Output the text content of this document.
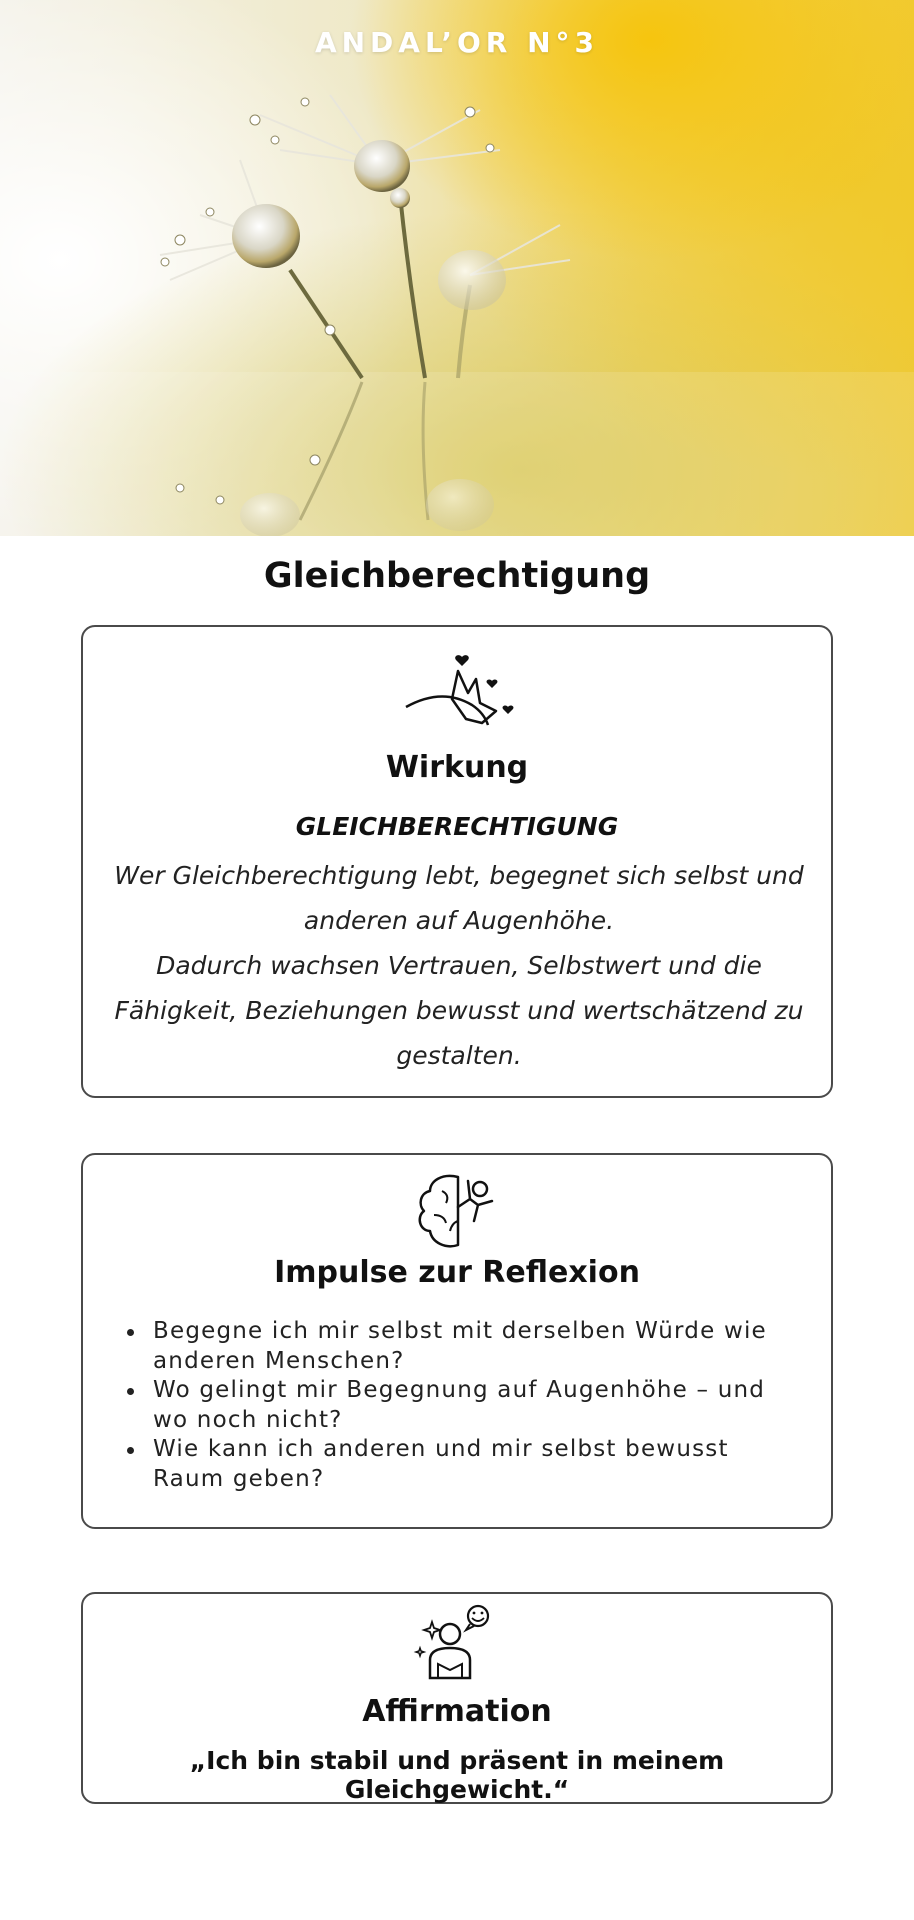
ANDAL’OR N°3
Gleichberechtigung
Wirkung
GLEICHBERECHTIGUNG

Wer Gleichberechtigung lebt, begegnet sich selbst und
anderen auf Augenhöhe.
Dadurch wachsen Vertrauen, Selbstwert und die
Fähigkeit, Beziehungen bewusst und wertschätzend zu
gestalten.

Impulse zur Reflexion
Begegne ich mir selbst mit derselben Würde wie
anderen Menschen?
Wo gelingt mir Begegnung auf Augenhöhe – und
wo noch nicht?
Wie kann ich anderen und mir selbst bewusst
Raum geben?
Affirmation

„Ich bin stabil und präsent in meinem Gleichgewicht.“
